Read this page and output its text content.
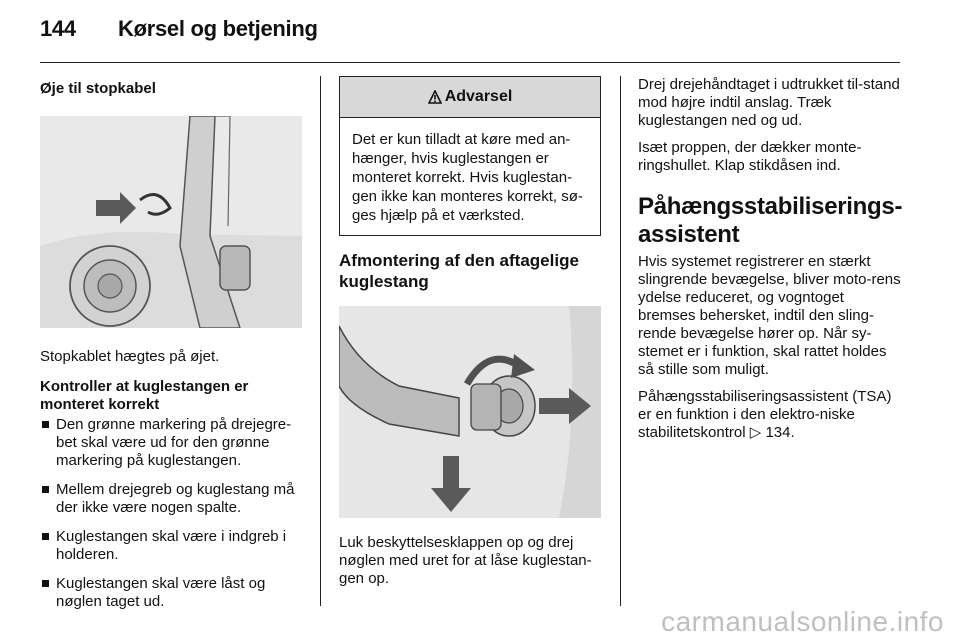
144 Kørsel og betjening
Øje til stopkabel

Stopkablet hægtes på øjet.

Kontroller at kuglestangen er monteret korrekt

Den grønne markering på drejegre-bet skal være ud for den grønne markering på kuglestangen.
Mellem drejegreb og kuglestang må der ikke være nogen spalte.
Kuglestangen skal være i indgreb i holderen.
Kuglestangen skal være låst og nøglen taget ud.
Advarsel
Det er kun tilladt at køre med an-hænger, hvis kuglestangen er monteret korrekt. Hvis kuglestan-gen ikke kan monteres korrekt, sø-ges hjælp på et værksted.
Afmontering af den aftagelige kuglestang

Luk beskyttelsesklappen op og drej nøglen med uret for at låse kuglestan-gen op.

Drej drejehåndtaget i udtrukket til-stand mod højre indtil anslag. Træk kuglestangen ned og ud.

Isæt proppen, der dækker monte-ringshullet. Klap stikdåsen ind.

Påhængsstabiliserings-assistent

Hvis systemet registrerer en stærkt slingrende bevægelse, bliver moto-rens ydelse reduceret, og vogntoget bremses behersket, indtil den sling-rende bevægelse hører op. Når sy-stemet er i funktion, skal rattet holdes så stille som muligt.

Påhængsstabiliseringsassistent (TSA) er en funktion i den elektro-niske stabilitetskontrol ▷ 134.

carmanualsonline.info
